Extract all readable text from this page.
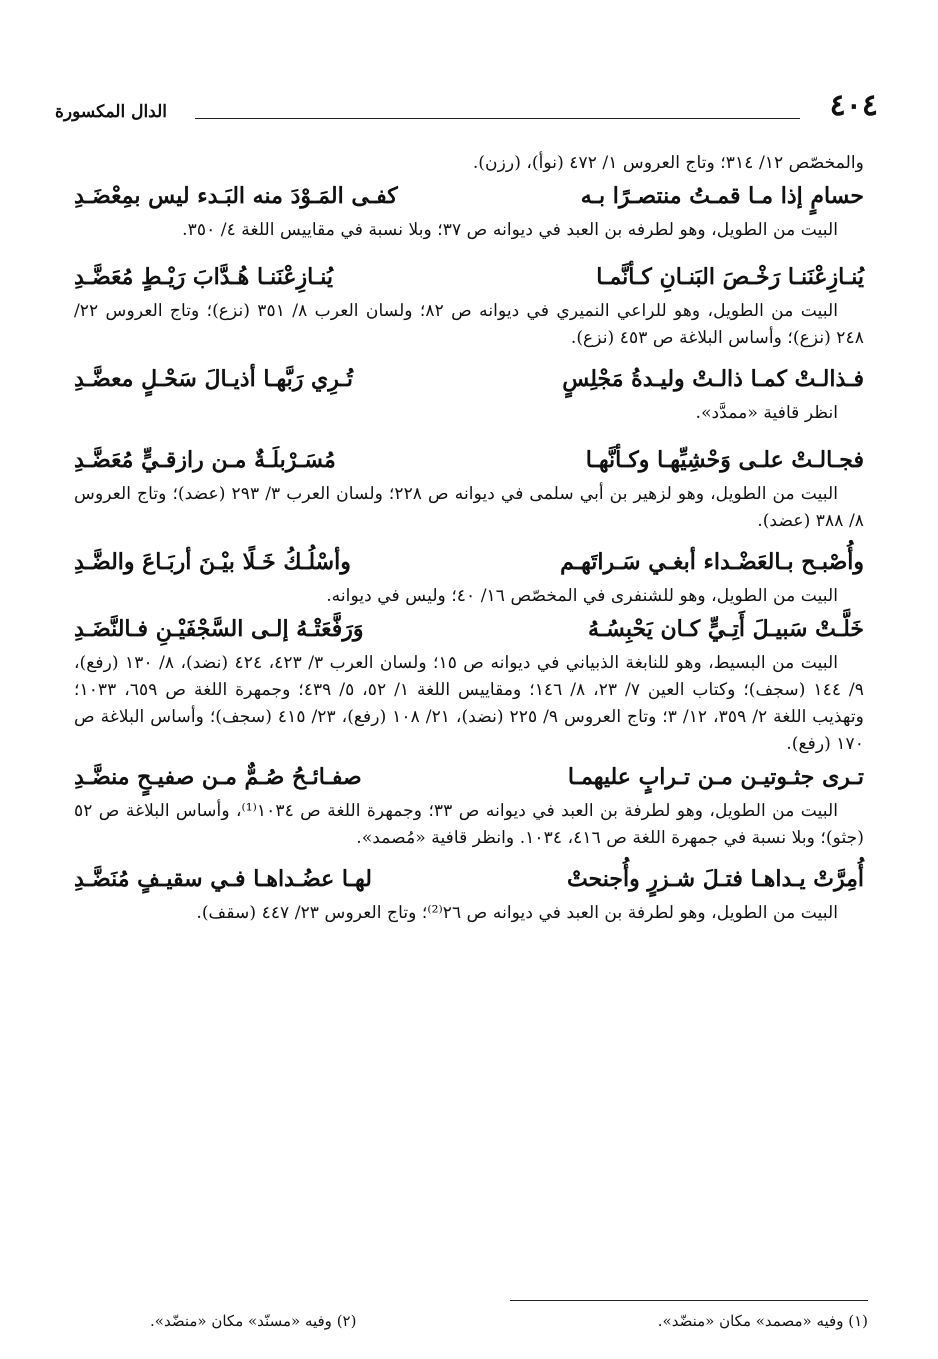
٤٠٤
الدال المكسورة

والمخصّص ١٢/ ٣١٤؛ وتاج العروس ١/ ٤٧٢ (نوأ)، (رزن).

حسامٍ إذا مـا قمـتُ منتصـرًا بـه
كفـى المَـوْدَ منه البَـدء ليس بمِعْضَـدِ

البيت من الطويل، وهو لطرفه بن العبد في ديوانه ص ٣٧؛ وبلا نسبة في مقاييس اللغة ٤/ ٣٥٠.

يُنـازِعْنَنـا رَخْـصَ البَنـانِ كـأنَّمـا
يُنـازِعْنَنـا هُـدَّابَ رَيْـطٍ مُعَضَّـدِ

البيت من الطويل، وهو للراعي النميري في ديوانه ص ٨٢؛ ولسان العرب ٨/ ٣٥١ (نزع)؛ وتاج العروس ٢٢/ ٢٤٨ (نزع)؛ وأساس البلاغة ص ٤٥٣ (نزع).

فـذالـتْ كمـا ذالـتْ وليـدةُ مَجْلِسٍ
تُـرِي رَبَّهـا أذيـالَ سَحْـلٍ معضَّـدِ

انظر قافية «ممدَّد».

فجـالـتْ علـى وَحْشِيِّهـا وكـأنَّهـا
مُسَـرْبلَـةٌ مـن رازقـيٍّ مُعَضَّـدِ

البيت من الطويل، وهو لزهير بن أبي سلمى في ديوانه ص ٢٢٨؛ ولسان العرب ٣/ ٢٩٣ (عضد)؛ وتاج العروس ٨/ ٣٨٨ (عضد).

وأُصْبـح بـالعَضْـداء أبغـي سَـراتَهـم
وأسْلُـكُ خَـلًا بيْـنَ أربَـاعَ والضَّـدِ

البيت من الطويل، وهو للشنفرى في المخصّص ١٦/ ٤٠؛ وليس في ديوانه.

خَلَّـتْ سَبيـلَ أَتِـيٍّ كـان يَحْبِسُـهُ
وَرَفَّعَتْـهُ إلـى السَّجْفَيْـنِ فـالنَّضَـدِ

البيت من البسيط، وهو للنابغة الذبياني في ديوانه ص ١٥؛ ولسان العرب ٣/ ٤٢٣، ٤٢٤ (نضد)، ٨/ ١٣٠ (رفع)، ٩/ ١٤٤ (سجف)؛ وكتاب العين ٧/ ٢٣، ٨/ ١٤٦؛ ومقاييس اللغة ١/ ٥٢، ٥/ ٤٣٩؛ وجمهرة اللغة ص ٦٥٩، ١٠٣٣؛ وتهذيب اللغة ٢/ ٣٥٩، ١٢/ ٣؛ وتاج العروس ٩/ ٢٢٥ (نضد)، ٢١/ ١٠٨ (رفع)، ٢٣/ ٤١٥ (سجف)؛ وأساس البلاغة ص ١٧٠ (رفع).

تـرى جثـوتيـن مـن تـرابٍ عليهمـا
صفـائـحُ صُـمٌّ مـن صفيـحٍ منضَّـدِ

البيت من الطويل، وهو لطرفة بن العبد في ديوانه ص ٣٣؛ وجمهرة اللغة ص ١٠٣٤⁽¹⁾، وأساس البلاغة ص ٥٢ (جثو)؛ وبلا نسبة في جمهرة اللغة ص ٤١٦، ١٠٣٤. وانظر قافية «مُصمد».

أُمِرَّتْ يـداهـا فتـلَ شـزرٍ وأُجنحتْ
لهـا عضُـداهـا فـي سقيـفٍ مُنَضَّـدِ

البيت من الطويل، وهو لطرفة بن العبد في ديوانه ص ٢٦⁽²⁾؛ وتاج العروس ٢٣/ ٤٤٧ (سقف).

(١) وفيه «مصمد» مكان «منضّد».
(٢) وفيه «مسنّد» مكان «منضّد».
